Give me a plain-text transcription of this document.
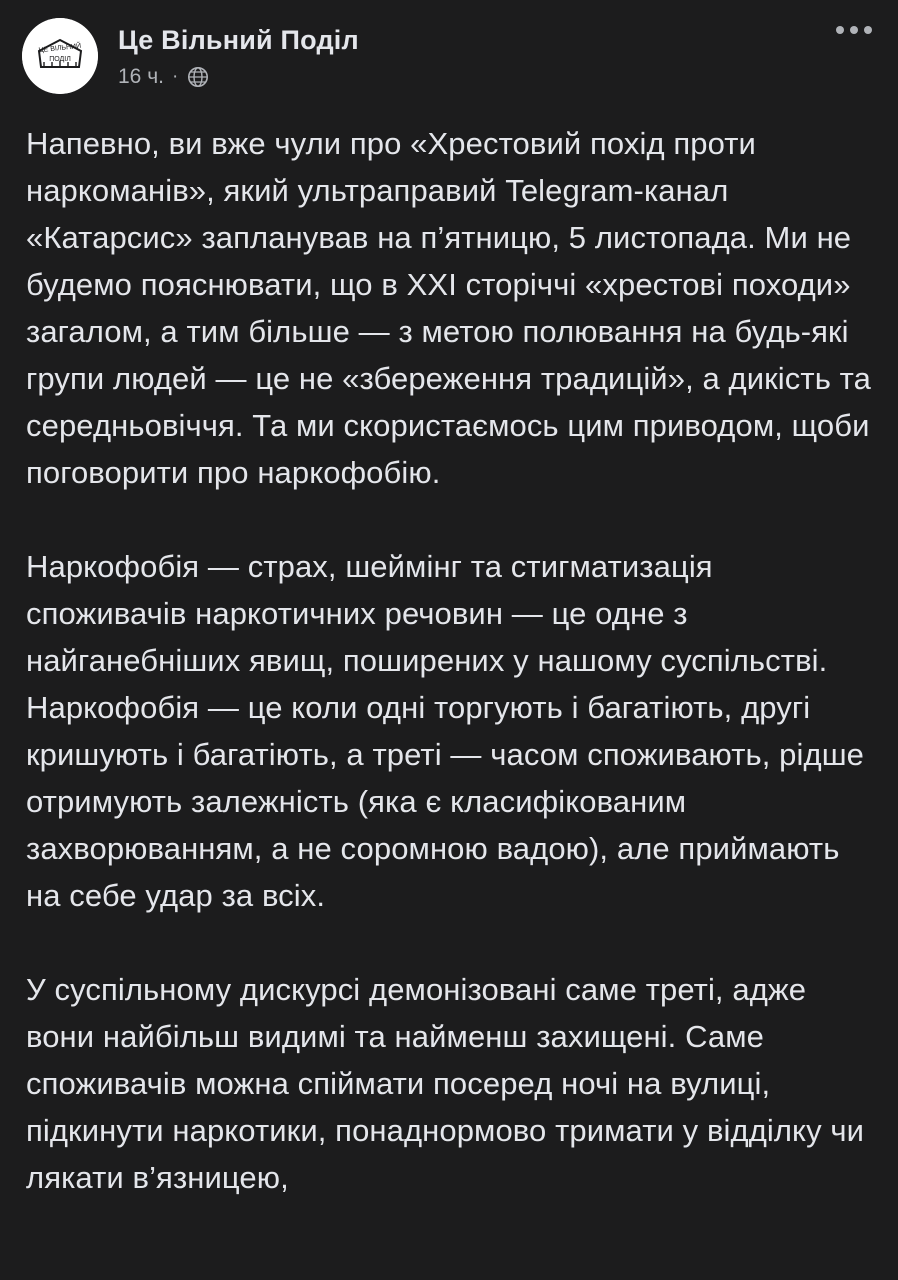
ЦЕ ВІЛЬНИЙ
ПОДІЛ
Це Вільний Поділ
16 ч. ·

Напевно, ви вже чули про «Хрестовий похід проти наркоманів», який ультраправий Telegram-канал «Катарсис» запланував на п’ятницю, 5 листопада. Ми не будемо пояснювати, що в XXI сторіччі «хрестові походи» загалом, а тим більше — з метою полювання на будь-які групи людей — це не «збереження традицій», а дикість та середньовіччя. Та ми скористаємось цим приводом, щоби поговорити про наркофобію.

Наркофобія — страх, шеймінг та стигматизація споживачів наркотичних речовин — це одне з найганебніших явищ, поширених у нашому суспільстві.

Наркофобія — це коли одні торгують і багатіють, другі кришують і багатіють, а треті — часом споживають, рідше отримують залежність (яка є класифікованим захворюванням, а не соромною вадою), але приймають на себе удар за всіх.

У суспільному дискурсі демонізовані саме треті, адже вони найбільш видимі та найменш захищені. Саме споживачів можна спіймати посеред ночі на вулиці, підкинути наркотики, понаднормово тримати у відділку чи лякати в’язницею,
